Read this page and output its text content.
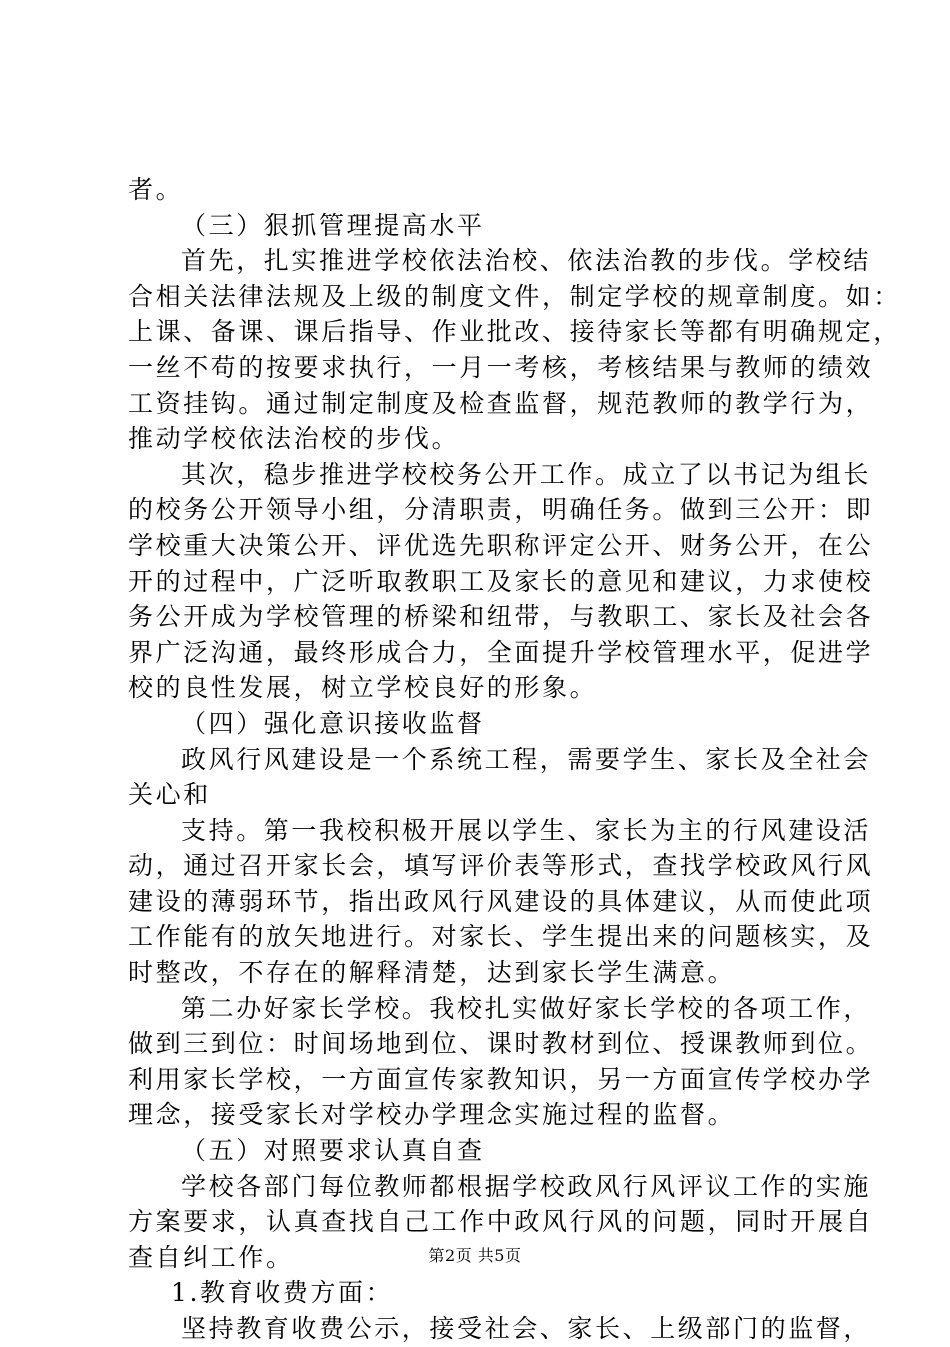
者。
（三）狠抓管理提高水平
首先，扎实推进学校依法治校、依法治教的步伐。学校结
合相关法律法规及上级的制度文件，制定学校的规章制度。如：
上课、备课、课后指导、作业批改、接待家长等都有明确规定，
一丝不苟的按要求执行，一月一考核，考核结果与教师的绩效
工资挂钩。通过制定制度及检查监督，规范教师的教学行为，
推动学校依法治校的步伐。
其次，稳步推进学校校务公开工作。成立了以书记为组长
的校务公开领导小组，分清职责，明确任务。做到三公开：即
学校重大决策公开、评优选先职称评定公开、财务公开，在公
开的过程中，广泛听取教职工及家长的意见和建议，力求使校
务公开成为学校管理的桥梁和纽带，与教职工、家长及社会各
界广泛沟通，最终形成合力，全面提升学校管理水平，促进学
校的良性发展，树立学校良好的形象。
（四）强化意识接收监督
政风行风建设是一个系统工程，需要学生、家长及全社会
关心和
支持。第一我校积极开展以学生、家长为主的行风建设活
动，通过召开家长会，填写评价表等形式，查找学校政风行风
建设的薄弱环节，指出政风行风建设的具体建议，从而使此项
工作能有的放矢地进行。对家长、学生提出来的问题核实，及
时整改，不存在的解释清楚，达到家长学生满意。
第二办好家长学校。我校扎实做好家长学校的各项工作，
做到三到位：时间场地到位、课时教材到位、授课教师到位。
利用家长学校，一方面宣传家教知识，另一方面宣传学校办学
理念，接受家长对学校办学理念实施过程的监督。
（五）对照要求认真自查
学校各部门每位教师都根据学校政风行风评议工作的实施
方案要求，认真查找自己工作中政风行风的问题，同时开展自
查自纠工作。
1.教育收费方面：
坚持教育收费公示，接受社会、家长、上级部门的监督，
第2页 共5页
